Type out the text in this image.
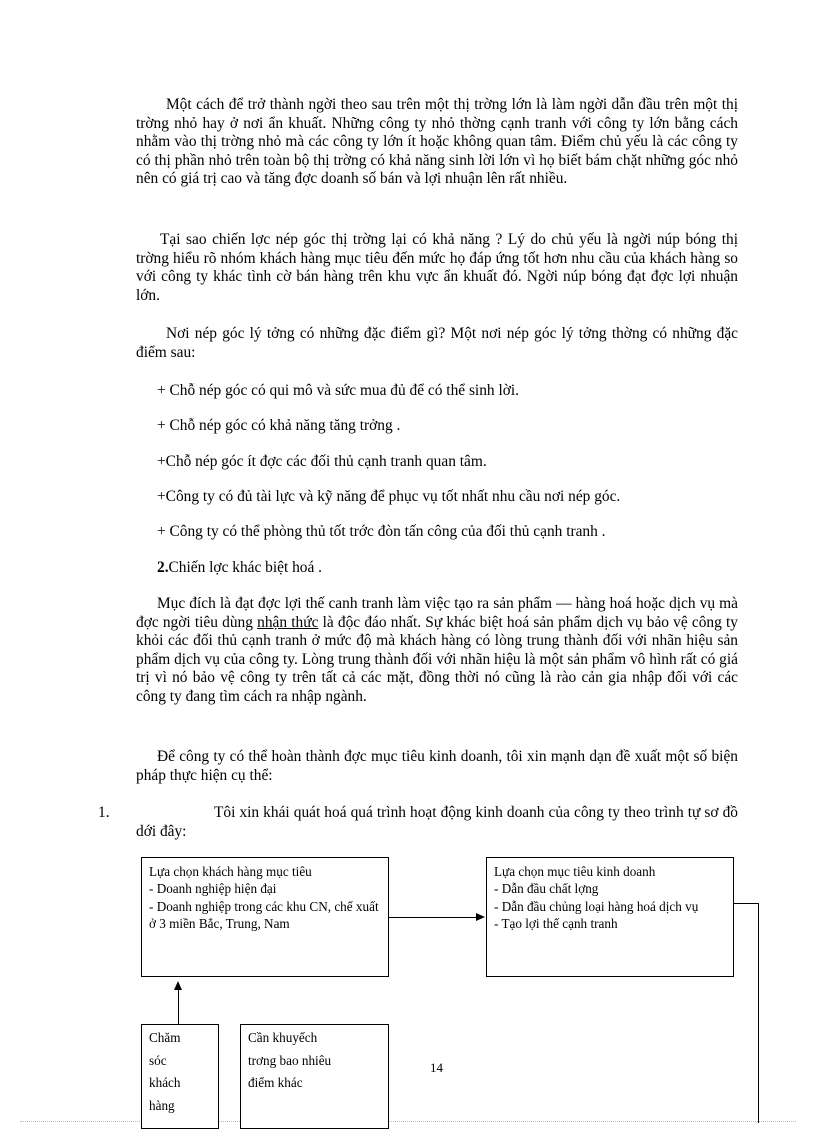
Một cách để trở thành ngời theo sau trên một thị trờng lớn là làm ngời dẫn đầu trên một thị trờng nhỏ hay ở nơi ẩn khuất. Những công ty nhỏ thờng cạnh tranh với công ty lớn bằng cách nhằm vào thị trờng nhỏ mà các công ty lớn ít hoặc không quan tâm. Điểm chủ yếu là các công ty có thị phần nhỏ trên toàn bộ thị trờng có khả năng sinh lời lớn vì họ biết bám chặt những góc nhỏ nên có giá trị cao và tăng đợc doanh số bán và lợi nhuận lên rất nhiều.

Tại sao chiến lợc nép góc thị trờng lại có khả năng ? Lý do chủ yếu là ngời núp bóng thị trờng hiểu rõ nhóm khách hàng mục tiêu đến mức họ đáp ứng tốt hơn nhu cầu của khách hàng so với công ty khác tình cờ bán hàng trên khu vực ẩn khuất đó. Ngời núp bóng đạt đợc lợi nhuận lớn.

Nơi nép góc lý tởng có những đặc điểm gì? Một nơi nép góc lý tởng thờng có những đặc điểm sau:

+ Chỗ nép góc có qui mô và sức mua đủ để có thể sinh lời.

+ Chỗ nép góc có khả năng tăng trởng .

+Chỗ nép góc ít đợc các đối thủ cạnh tranh quan tâm.

+Công ty có đủ tài lực và kỹ năng để phục vụ tốt nhất nhu cầu nơi nép góc.

+ Công ty có thể phòng thủ tốt trớc đòn tấn công của đối thủ cạnh tranh .

2.Chiến lợc khác biệt hoá .

Mục đích là đạt đợc lợi thế canh tranh làm việc tạo ra sản phẩm — hàng hoá hoặc dịch vụ mà đợc ngời tiêu dùng nhận thức là độc đáo nhất. Sự khác biệt hoá sản phẩm dịch vụ bảo vệ công ty khỏi các đối thủ cạnh tranh ở mức độ mà khách hàng có lòng trung thành đối với nhãn hiệu sản phẩm dịch vụ của công ty. Lòng trung thành đối với nhãn hiệu là một sản phẩm vô hình rất có giá trị vì nó bảo vệ công ty trên tất cả các mặt, đồng thời nó cũng là rào cản gia nhập đối với các công ty đang tìm cách ra nhập ngành.

Để công ty có thể hoàn thành đợc mục tiêu kinh doanh, tôi xin mạnh dạn đề xuất một số biện pháp thực hiện cụ thể:

1.	Tôi xin khái quát hoá quá trình hoạt động kinh doanh của công ty theo trình tự sơ đồ dới đây:

Lựa chọn khách hàng mục tiêu
- Doanh nghiệp hiện đại
- Doanh nghiệp trong các khu CN, chế xuất ở 3 miền Bắc, Trung, Nam
Lựa chọn mục tiêu kinh doanh
- Dẫn đầu chất lợng
- Dẫn đầu chủng loại hàng hoá dịch vụ
- Tạo lợi thế cạnh tranh
Chăm
sóc
khách
hàng
Cần khuyếch
trơng bao nhiêu
điểm khác
14
